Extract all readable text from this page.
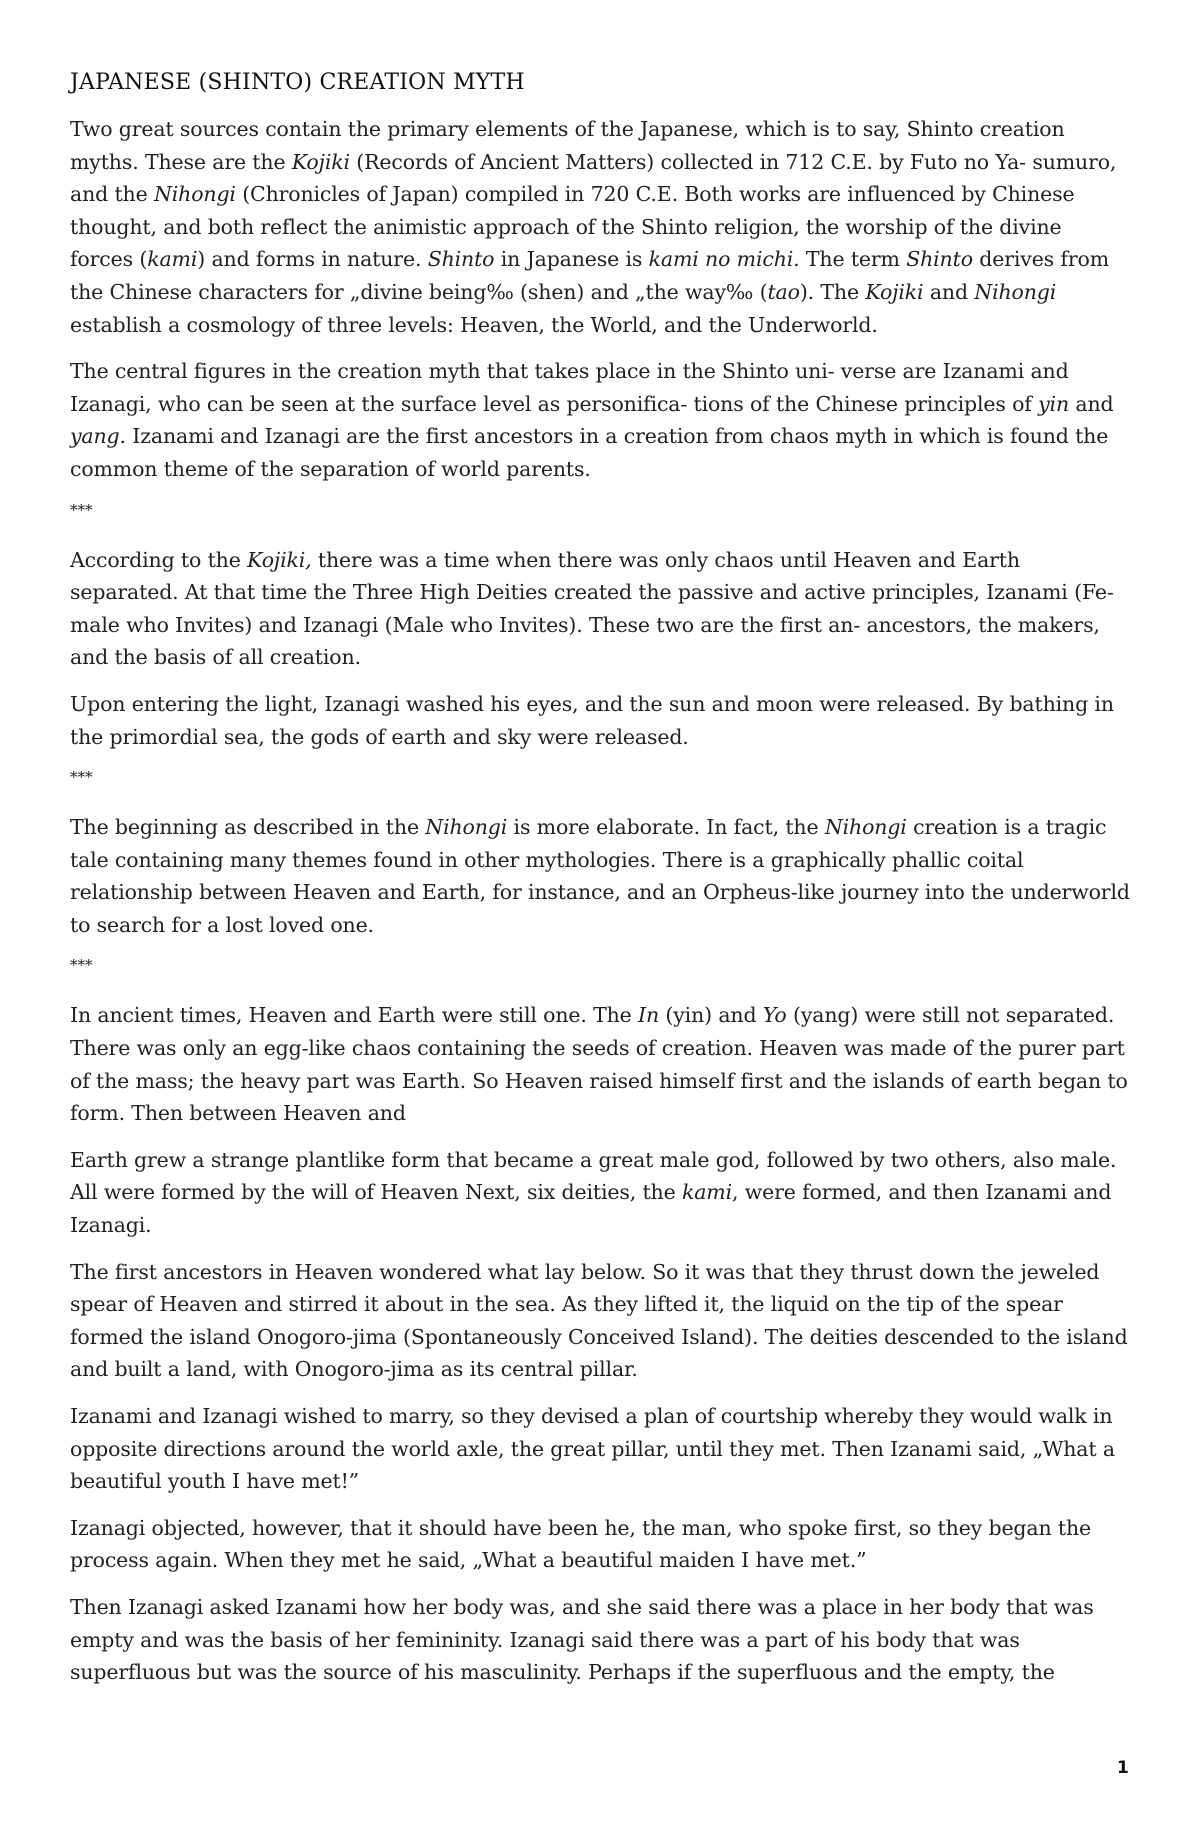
JAPANESE (SHINTO) CREATION MYTH

Two great sources contain the primary elements of the Japanese, which is to say, Shinto creation myths. These are the Kojiki (Records of Ancient Matters) collected in 712 C.E. by Futo no Ya- sumuro, and the Nihongi (Chronicles of Japan) compiled in 720 C.E. Both works are influenced by Chinese thought, and both reflect the animistic approach of the Shinto religion, the worship of the divine forces (kami) and forms in nature. Shinto in Japanese is kami no michi. The term Shinto derives from the Chinese characters for „divine being‰ (shen) and „the way‰ (tao). The Kojiki and Nihongi establish a cosmology of three levels: Heaven, the World, and the Underworld.

The central figures in the creation myth that takes place in the Shinto uni- verse are Izanami and Izanagi, who can be seen at the surface level as personifica- tions of the Chinese principles of yin and yang. Izanami and Izanagi are the first ancestors in a creation from chaos myth in which is found the common theme of the separation of world parents.

***

According to the Kojiki, there was a time when there was only chaos until Heaven and Earth separated. At that time the Three High Deities created the passive and active principles, Izanami (Fe- male who Invites) and Izanagi (Male who Invites). These two are the first an- ancestors, the makers, and the basis of all creation.

Upon entering the light, Izanagi washed his eyes, and the sun and moon were released. By bathing in the primordial sea, the gods of earth and sky were released.

***

The beginning as described in the Nihongi is more elaborate. In fact, the Nihongi creation is a tragic tale containing many themes found in other mythologies. There is a graphically phallic coital relationship between Heaven and Earth, for instance, and an Orpheus-like journey into the underworld to search for a lost loved one.

***

In ancient times, Heaven and Earth were still one. The In (yin) and Yo (yang) were still not separated. There was only an egg-like chaos containing the seeds of creation. Heaven was made of the purer part of the mass; the heavy part was Earth. So Heaven raised himself first and the islands of earth began to form. Then between Heaven and

Earth grew a strange plantlike form that became a great male god, followed by two others, also male. All were formed by the will of Heaven Next, six deities, the kami, were formed, and then Izanami and Izanagi.

The first ancestors in Heaven wondered what lay below. So it was that they thrust down the jeweled spear of Heaven and stirred it about in the sea. As they lifted it, the liquid on the tip of the spear formed the island Onogoro-jima (Spontaneously Conceived Island). The deities descended to the island and built a land, with Onogoro-jima as its central pillar.

Izanami and Izanagi wished to marry, so they devised a plan of courtship whereby they would walk in opposite directions around the world axle, the great pillar, until they met. Then Izanami said, „What a beautiful youth I have met!”

Izanagi objected, however, that it should have been he, the man, who spoke first, so they began the process again. When they met he said, „What a beautiful maiden I have met.”

Then Izanagi asked Izanami how her body was, and she said there was a place in her body that was empty and was the basis of her femininity. Izanagi said there was a part of his body that was superfluous but was the source of his masculinity. Perhaps if the superfluous and the empty, the

1
